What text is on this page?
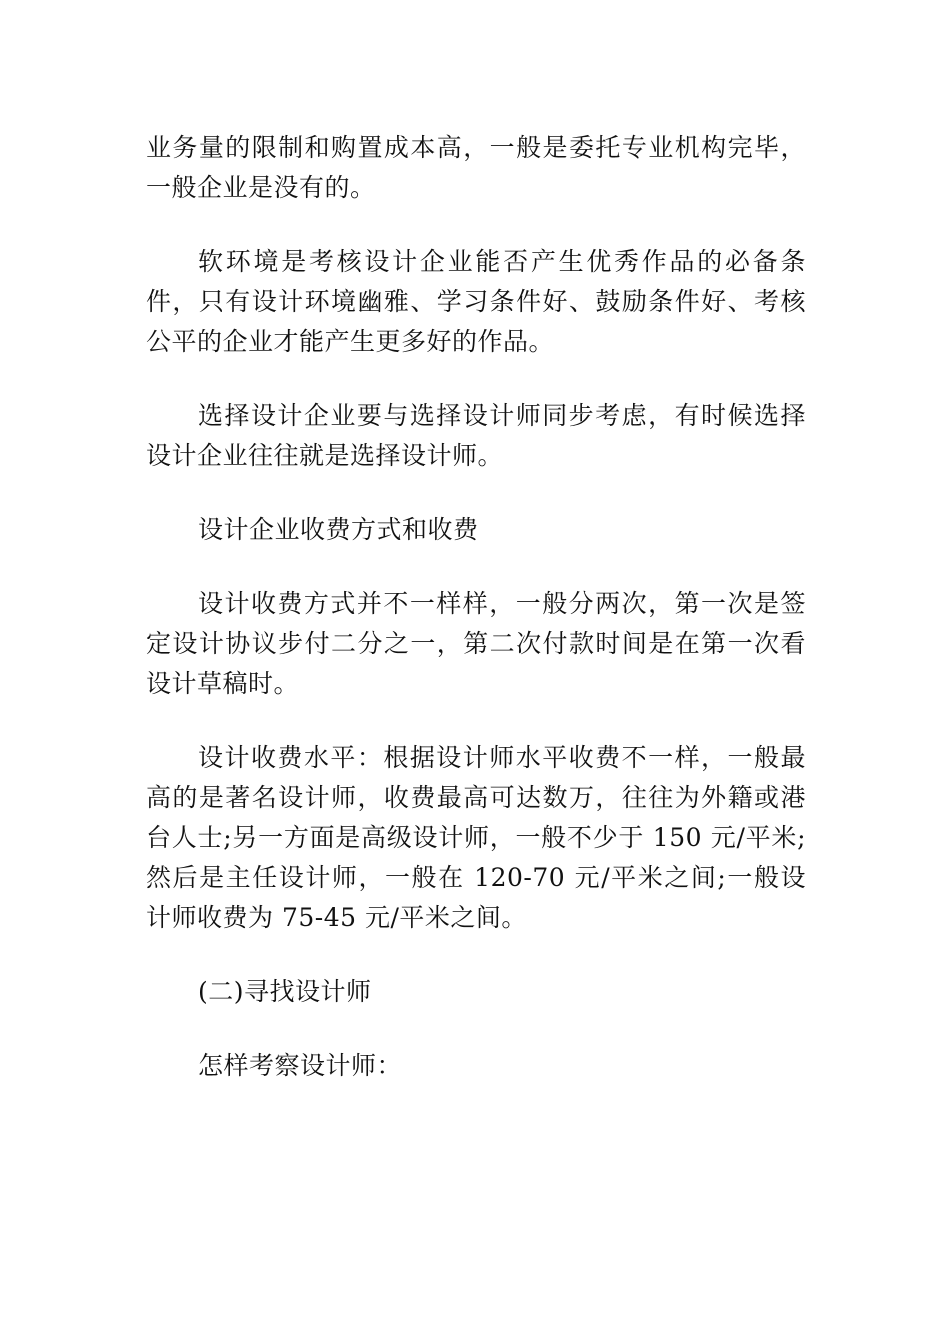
业务量的限制和购置成本高，一般是委托专业机构完毕，一般企业是没有的。

软环境是考核设计企业能否产生优秀作品的必备条件，只有设计环境幽雅、学习条件好、鼓励条件好、考核公平的企业才能产生更多好的作品。

选择设计企业要与选择设计师同步考虑，有时候选择设计企业往往就是选择设计师。

设计企业收费方式和收费

设计收费方式并不一样样，一般分两次，第一次是签定设计协议步付二分之一，第二次付款时间是在第一次看设计草稿时。

设计收费水平：根据设计师水平收费不一样，一般最高的是著名设计师，收费最高可达数万，往往为外籍或港台人士;另一方面是高级设计师，一般不少于 150 元/平米;然后是主任设计师，一般在 120-70 元/平米之间;一般设计师收费为 75-45 元/平米之间。

(二)寻找设计师

怎样考察设计师：
